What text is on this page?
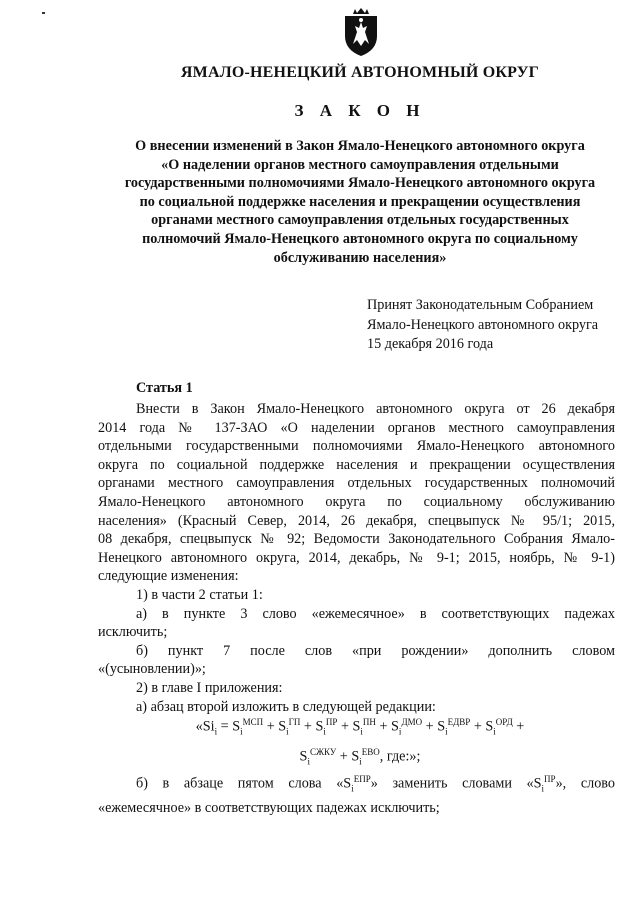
ЯМАЛО-НЕНЕЦКИЙ АВТОНОМНЫЙ ОКРУГ
З А К О Н
О внесении изменений в Закон Ямало-Ненецкого автономного округа
«О наделении органов местного самоуправления отдельными
государственными полномочиями Ямало-Ненецкого автономного округа
по социальной поддержке населения и прекращении осуществления
органами местного самоуправления отдельных государственных
полномочий Ямало-Ненецкого автономного округа по социальному
обслуживанию населения»
Принят Законодательным Собранием
Ямало-Ненецкого автономного округа
15 декабря 2016 года
Статья 1
Внести в Закон Ямало-Ненецкого автономного округа от 26 декабря
2014 года № 137-ЗАО «О наделении органов местного самоуправления
отдельными государственными полномочиями Ямало-Ненецкого автономного
округа по социальной поддержке населения и прекращении осуществления
органами местного самоуправления отдельных государственных полномочий
Ямало-Ненецкого автономного округа по социальному обслуживанию
населения» (Красный Север, 2014, 26 декабря, спецвыпуск № 95/1; 2015,
08 декабря, спецвыпуск № 92; Ведомости Законодательного Собрания Ямало-
Ненецкого автономного округа, 2014, декабрь, № 9-1; 2015, ноябрь, № 9-1)
следующие изменения:
1) в части 2 статьи 1:
а) в пункте 3 слово «ежемесячное» в соответствующих падежах
исключить;
б) пункт 7 после слов «при рождении» дополнить словом
«(усыновлении)»;
2) в главе I приложения:
а) абзац второй изложить в следующей редакции:
«$Si_i = S_i^{МСП} + S_i^{ГП} + S_i^{ПР} + S_i^{ПН} + S_i^{ДМО} + S_i^{ЕДВР} + S_i^{ОРД}$ +
$S_i^{СЖКУ} + S_i^{ЕВО}$, где:»;
б) в абзаце пятом слова «$S_i^{ЕПР}$» заменить словами «$S_i^{ПР}$», слово
«ежемесячное» в соответствующих падежах исключить;
